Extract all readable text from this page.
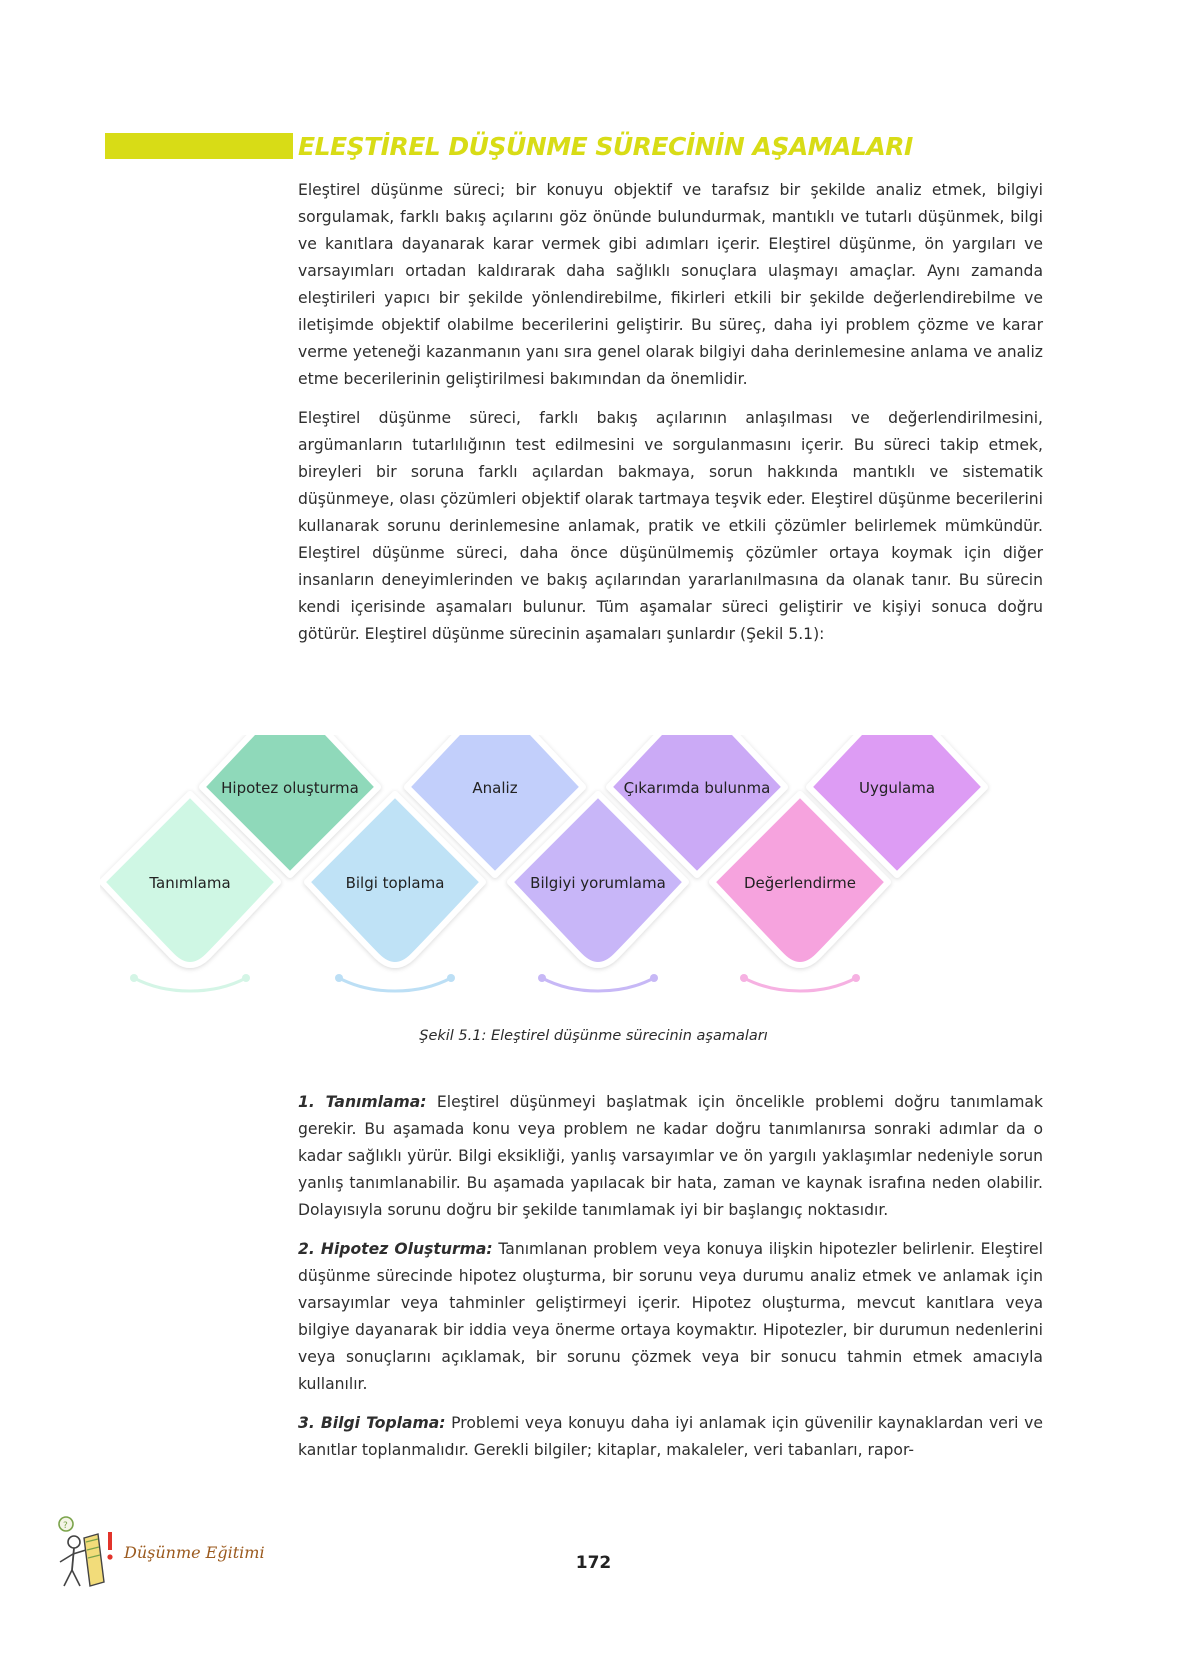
ELEŞTİREL DÜŞÜNME SÜRECİNİN AŞAMALARI

Eleştirel düşünme süreci; bir konuyu objektif ve tarafsız bir şekilde analiz etmek, bilgiyi sorgulamak, farklı bakış açılarını göz önünde bulundurmak, mantıklı ve tutarlı düşünmek, bilgi ve kanıtlara dayanarak karar vermek gibi adımları içerir. Eleştirel düşünme, ön yargıları ve varsayımları ortadan kaldırarak daha sağlıklı sonuçlara ulaşmayı amaçlar. Aynı zamanda eleştirileri yapıcı bir şekilde yönlendirebilme, fikirleri etkili bir şekilde değerlendirebilme ve iletişimde objektif olabilme becerilerini geliştirir. Bu süreç, daha iyi problem çözme ve karar verme yeteneği kazanmanın yanı sıra genel olarak bilgiyi daha derinlemesine anlama ve analiz etme becerilerinin geliştirilmesi bakımından da önemlidir.

Eleştirel düşünme süreci, farklı bakış açılarının anlaşılması ve değerlendirilmesini, argümanların tutarlılığının test edilmesini ve sorgulanmasını içerir. Bu süreci takip etmek, bireyleri bir soruna farklı açılardan bakmaya, sorun hakkında mantıklı ve sistematik düşünmeye, olası çözümleri objektif olarak tartmaya teşvik eder. Eleştirel düşünme becerilerini kullanarak sorunu derinlemesine anlamak, pratik ve etkili çözümler belirlemek mümkündür. Eleştirel düşünme süreci, daha önce düşünülmemiş çözümler ortaya koymak için diğer insanların deneyimlerinden ve bakış açılarından yararlanılmasına da olanak tanır. Bu sürecin kendi içerisinde aşamaları bulunur. Tüm aşamalar süreci geliştirir ve kişiyi sonuca doğru götürür. Eleştirel düşünme sürecinin aşamaları şunlardır (Şekil 5.1):

Tanımlama
Hipotez oluşturma
Bilgi toplama
Analiz
Bilgiyi yorumlama
Çıkarımda bulunma
Değerlendirme
Uygulama
Şekil 5.1: Eleştirel düşünme sürecinin aşamaları

1. Tanımlama: Eleştirel düşünmeyi başlatmak için öncelikle problemi doğru tanımlamak gerekir. Bu aşamada konu veya problem ne kadar doğru tanımlanırsa sonraki adımlar da o kadar sağlıklı yürür. Bilgi eksikliği, yanlış varsayımlar ve ön yargılı yaklaşımlar nedeniyle sorun yanlış tanımlanabilir. Bu aşamada yapılacak bir hata, zaman ve kaynak israfına neden olabilir. Dolayısıyla sorunu doğru bir şekilde tanımlamak iyi bir başlangıç noktasıdır.

2. Hipotez Oluşturma: Tanımlanan problem veya konuya ilişkin hipotezler belirlenir. Eleştirel düşünme sürecinde hipotez oluşturma, bir sorunu veya durumu analiz etmek ve anlamak için varsayımlar veya tahminler geliştirmeyi içerir. Hipotez oluşturma, mevcut kanıtlara veya bilgiye dayanarak bir iddia veya önerme ortaya koymaktır. Hipotezler, bir durumun nedenlerini veya sonuçlarını açıklamak, bir sorunu çözmek veya bir sonucu tahmin etmek amacıyla kullanılır.

3. Bilgi Toplama: Problemi veya konuyu daha iyi anlamak için güvenilir kaynaklardan veri ve kanıtlar toplanmalıdır. Gerekli bilgiler; kitaplar, makaleler, veri tabanları, rapor-

?
Düşünme Eğitimi
172
